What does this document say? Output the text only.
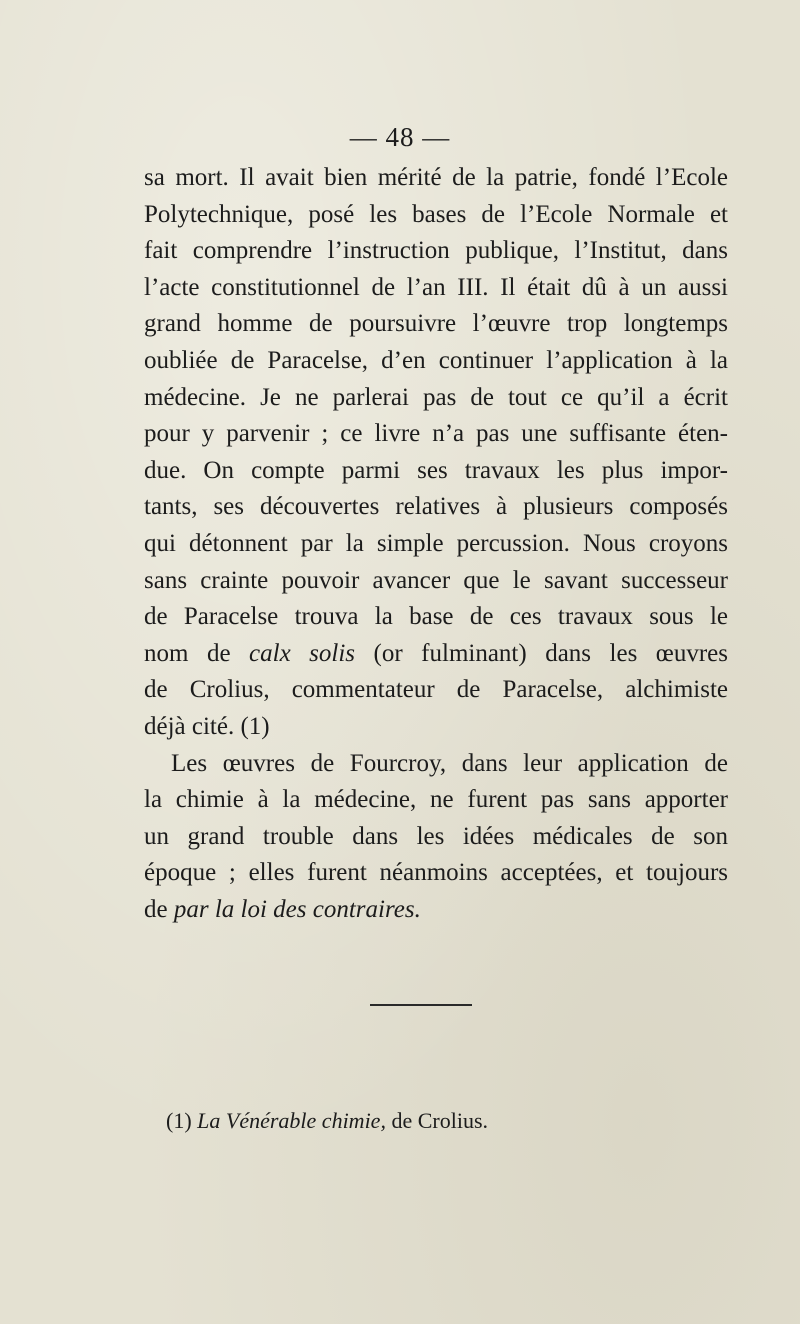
— 48 —
sa mort. Il avait bien mérité de la patrie, fondé l’Ecole
Polytechnique, posé les bases de l’Ecole Normale et
fait comprendre l’instruction publique, l’Institut, dans
l’acte constitutionnel de l’an III. Il était dû à un aussi
grand homme de poursuivre l’œuvre trop longtemps
oubliée de Paracelse, d’en continuer l’application à la
médecine. Je ne parlerai pas de tout ce qu’il a écrit
pour y parvenir ; ce livre n’a pas une suffisante éten-
due. On compte parmi ses travaux les plus impor-
tants, ses découvertes relatives à plusieurs composés
qui détonnent par la simple percussion. Nous croyons
sans crainte pouvoir avancer que le savant successeur
de Paracelse trouva la base de ces travaux sous le
nom de calx solis (or fulminant) dans les œuvres
de Crolius, commentateur de Paracelse, alchimiste
déjà cité. (1)
Les œuvres de Fourcroy, dans leur application de
la chimie à la médecine, ne furent pas sans apporter
un grand trouble dans les idées médicales de son
époque ; elles furent néanmoins acceptées, et toujours
de par la loi des contraires.
(1) La Vénérable chimie, de Crolius.
